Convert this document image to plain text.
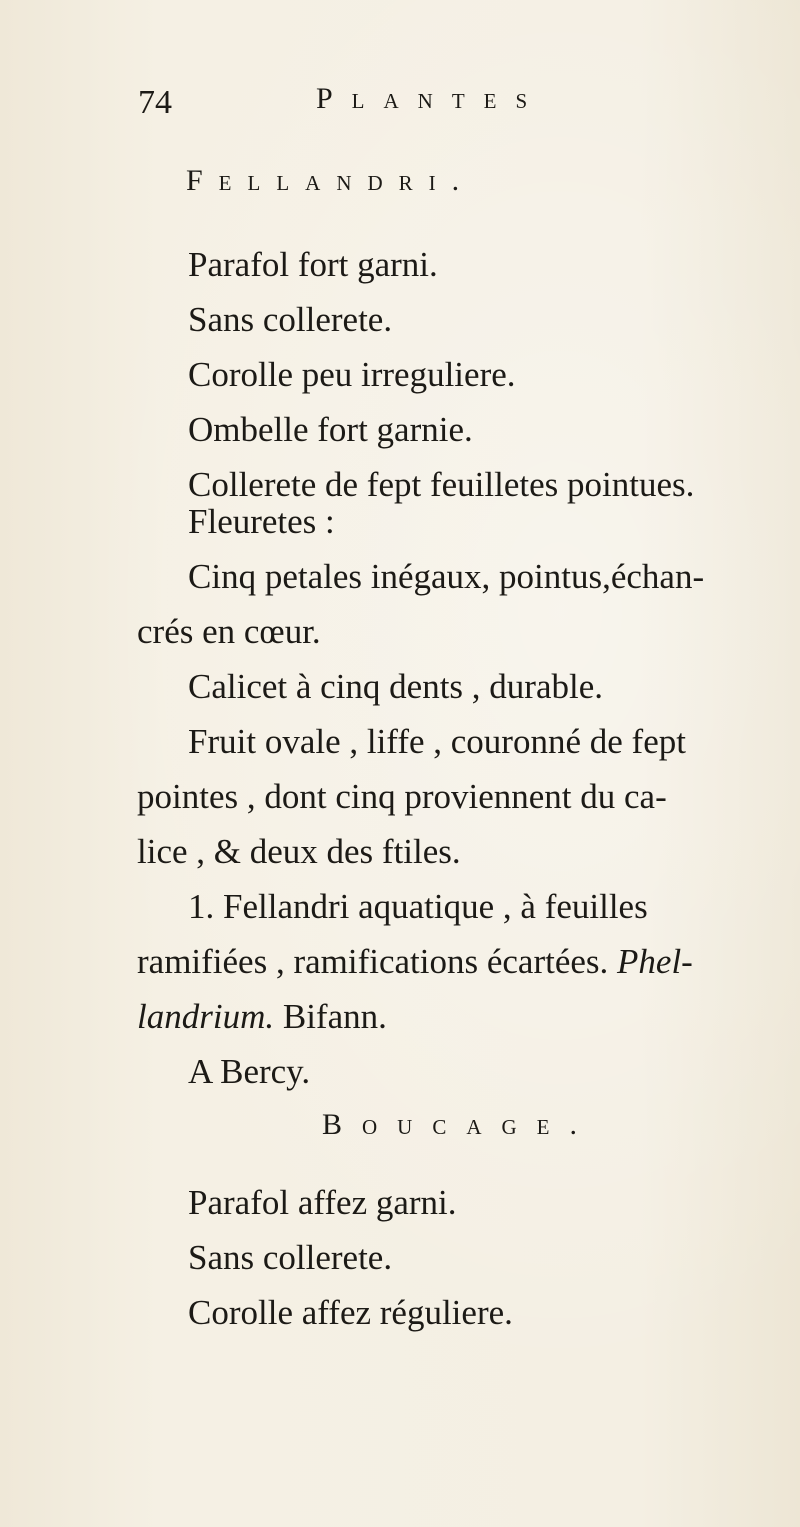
74	Plantes
Fellandri.
Parafol fort garni.
Sans collerete.
Corolle peu irreguliere.
Ombelle fort garnie.
Collerete de fept feuilletes pointues.
Fleuretes :
Cinq petales inégaux, pointus,échan-
crés en cœur.
Calicet à cinq dents , durable.
Fruit ovale , liffe , couronné de fept
pointes , dont cinq proviennent du ca-
lice , & deux des ftiles.
1. Fellandri aquatique , à feuilles
ramifiées , ramifications écartées. Phel-
landrium. Bifann.
A Bercy.
Boucage.
Parafol affez garni.
Sans collerete.
Corolle affez réguliere.
